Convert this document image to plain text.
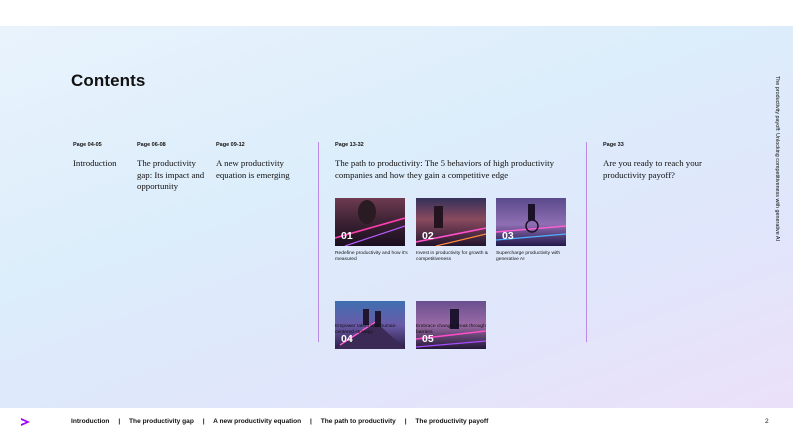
Contents	The productivity payoff: Unlocking competitiveness with generative AI
Page 04-05
Introduction
Page 06-08
The productivity gap: Its impact and opportunity
Page 09-12
A new productivity equation is emerging
Page 13-32
The path to productivity: The 5 behaviors of high productivity companies and how they gain a competitive edge
01	02	03
04	05
Redefine productivity and how it's measured
Invest in productivity for growth & competitiveness
Supercharge productivity with generative AI
Empower talent with human-centered strategy
Embrace change, break through barriers
Page 33
Are you ready to reach your productivity payoff?
Introduction | The productivity gap | A new productivity equation | The path to productivity | The productivity payoff	2
